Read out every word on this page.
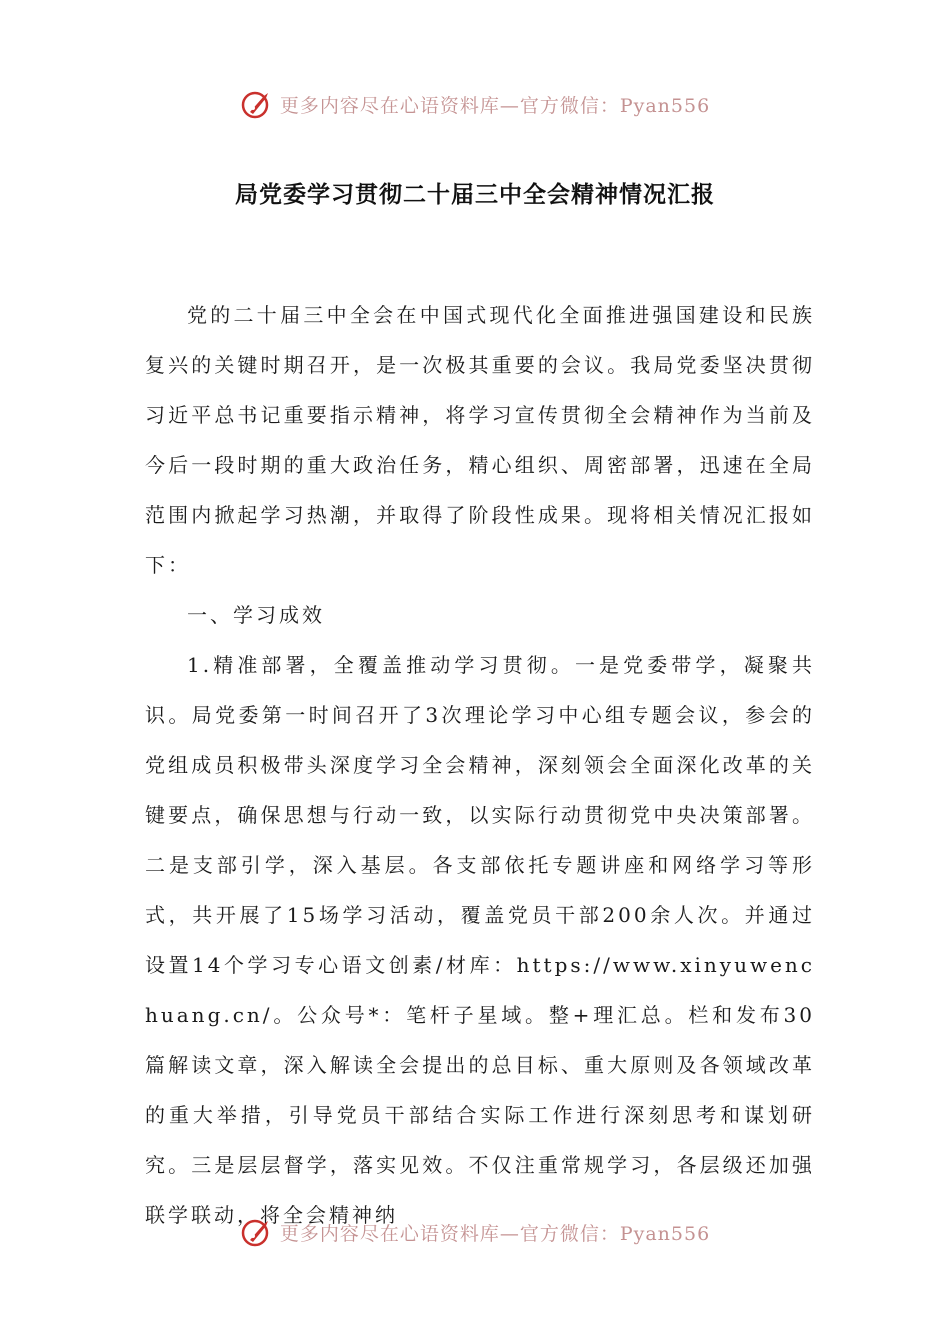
更多内容尽在心语资料库—官方微信：Pyan556
局党委学习贯彻二十届三中全会精神情况汇报

党的二十届三中全会在中国式现代化全面推进强国建设和民族复兴的关键时期召开，是一次极其重要的会议。我局党委坚决贯彻习近平总书记重要指示精神，将学习宣传贯彻全会精神作为当前及今后一段时期的重大政治任务，精心组织、周密部署，迅速在全局范围内掀起学习热潮，并取得了阶段性成果。现将相关情况汇报如下：

一、学习成效

1.精准部署，全覆盖推动学习贯彻。一是党委带学，凝聚共识。局党委第一时间召开了3次理论学习中心组专题会议，参会的党组成员积极带头深度学习全会精神，深刻领会全面深化改革的关键要点，确保思想与行动一致，以实际行动贯彻党中央决策部署。二是支部引学，深入基层。各支部依托专题讲座和网络学习等形式，共开展了15场学习活动，覆盖党员干部200余人次。并通过设置14个学习专心语文创素/材库：https://www.xinyuwenchuang.cn/。公众号*：笔杆子星域。整+理汇总。栏和发布30篇解读文章，深入解读全会提出的总目标、重大原则及各领域改革的重大举措，引导党员干部结合实际工作进行深刻思考和谋划研究。三是层层督学，落实见效。不仅注重常规学习，各层级还加强联学联动，将全会精神纳

更多内容尽在心语资料库—官方微信：Pyan556
